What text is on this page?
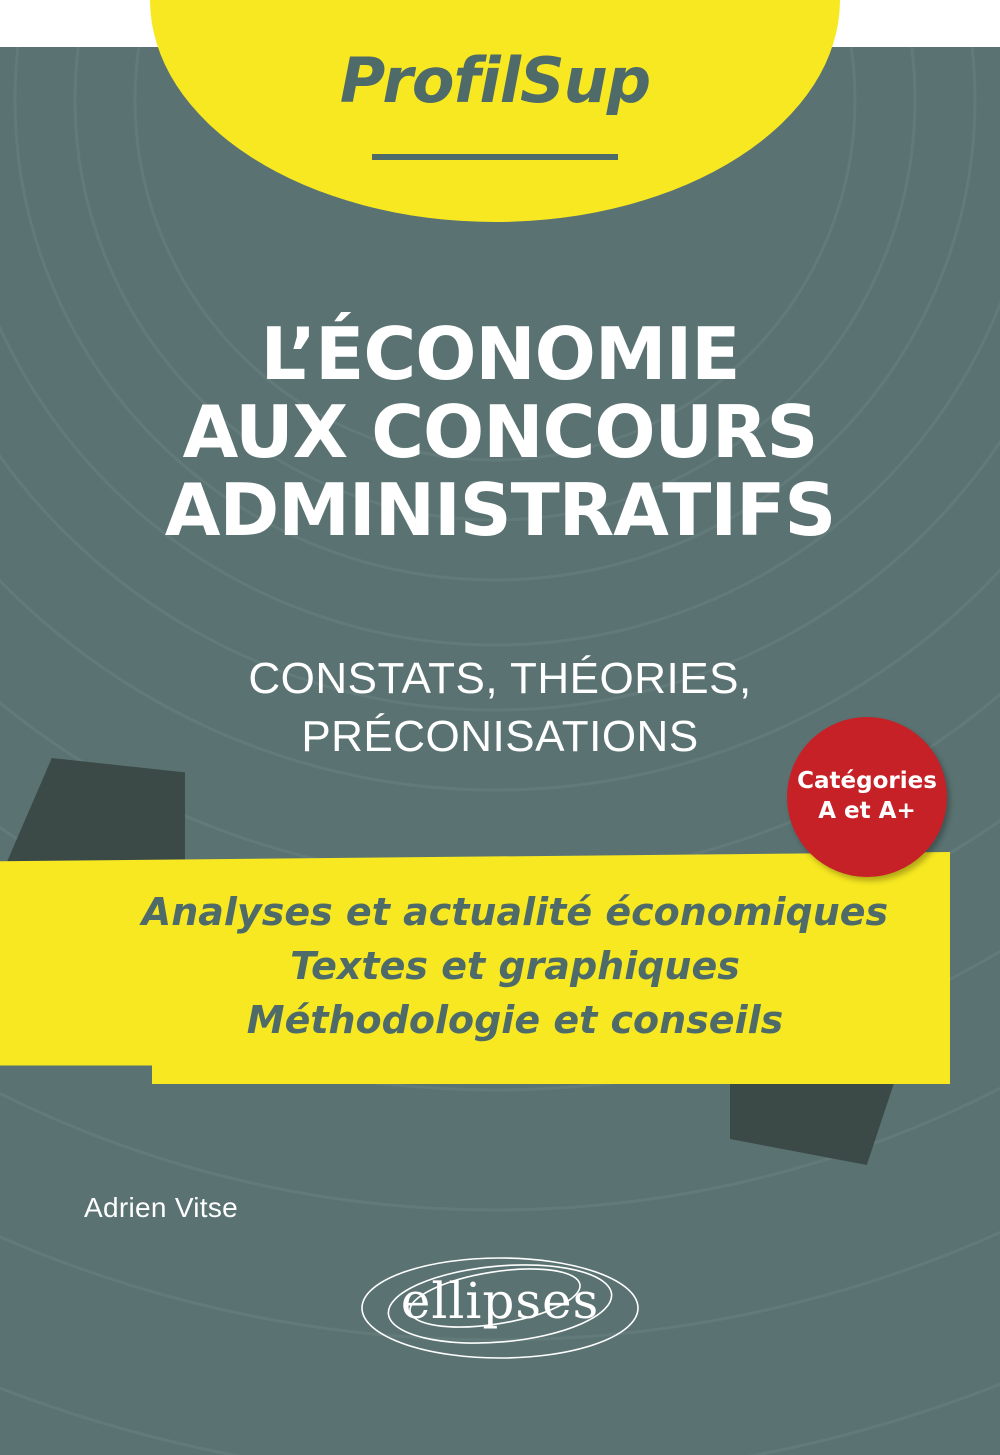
ProfilSup
L’ÉCONOMIE
AUX CONCOURS
ADMINISTRATIFS
CONSTATS, THÉORIES,
PRÉCONISATIONS
Catégories
A et A+
Analyses et actualité économiques
Textes et graphiques
Méthodologie et conseils
Adrien Vitse
ellipses
